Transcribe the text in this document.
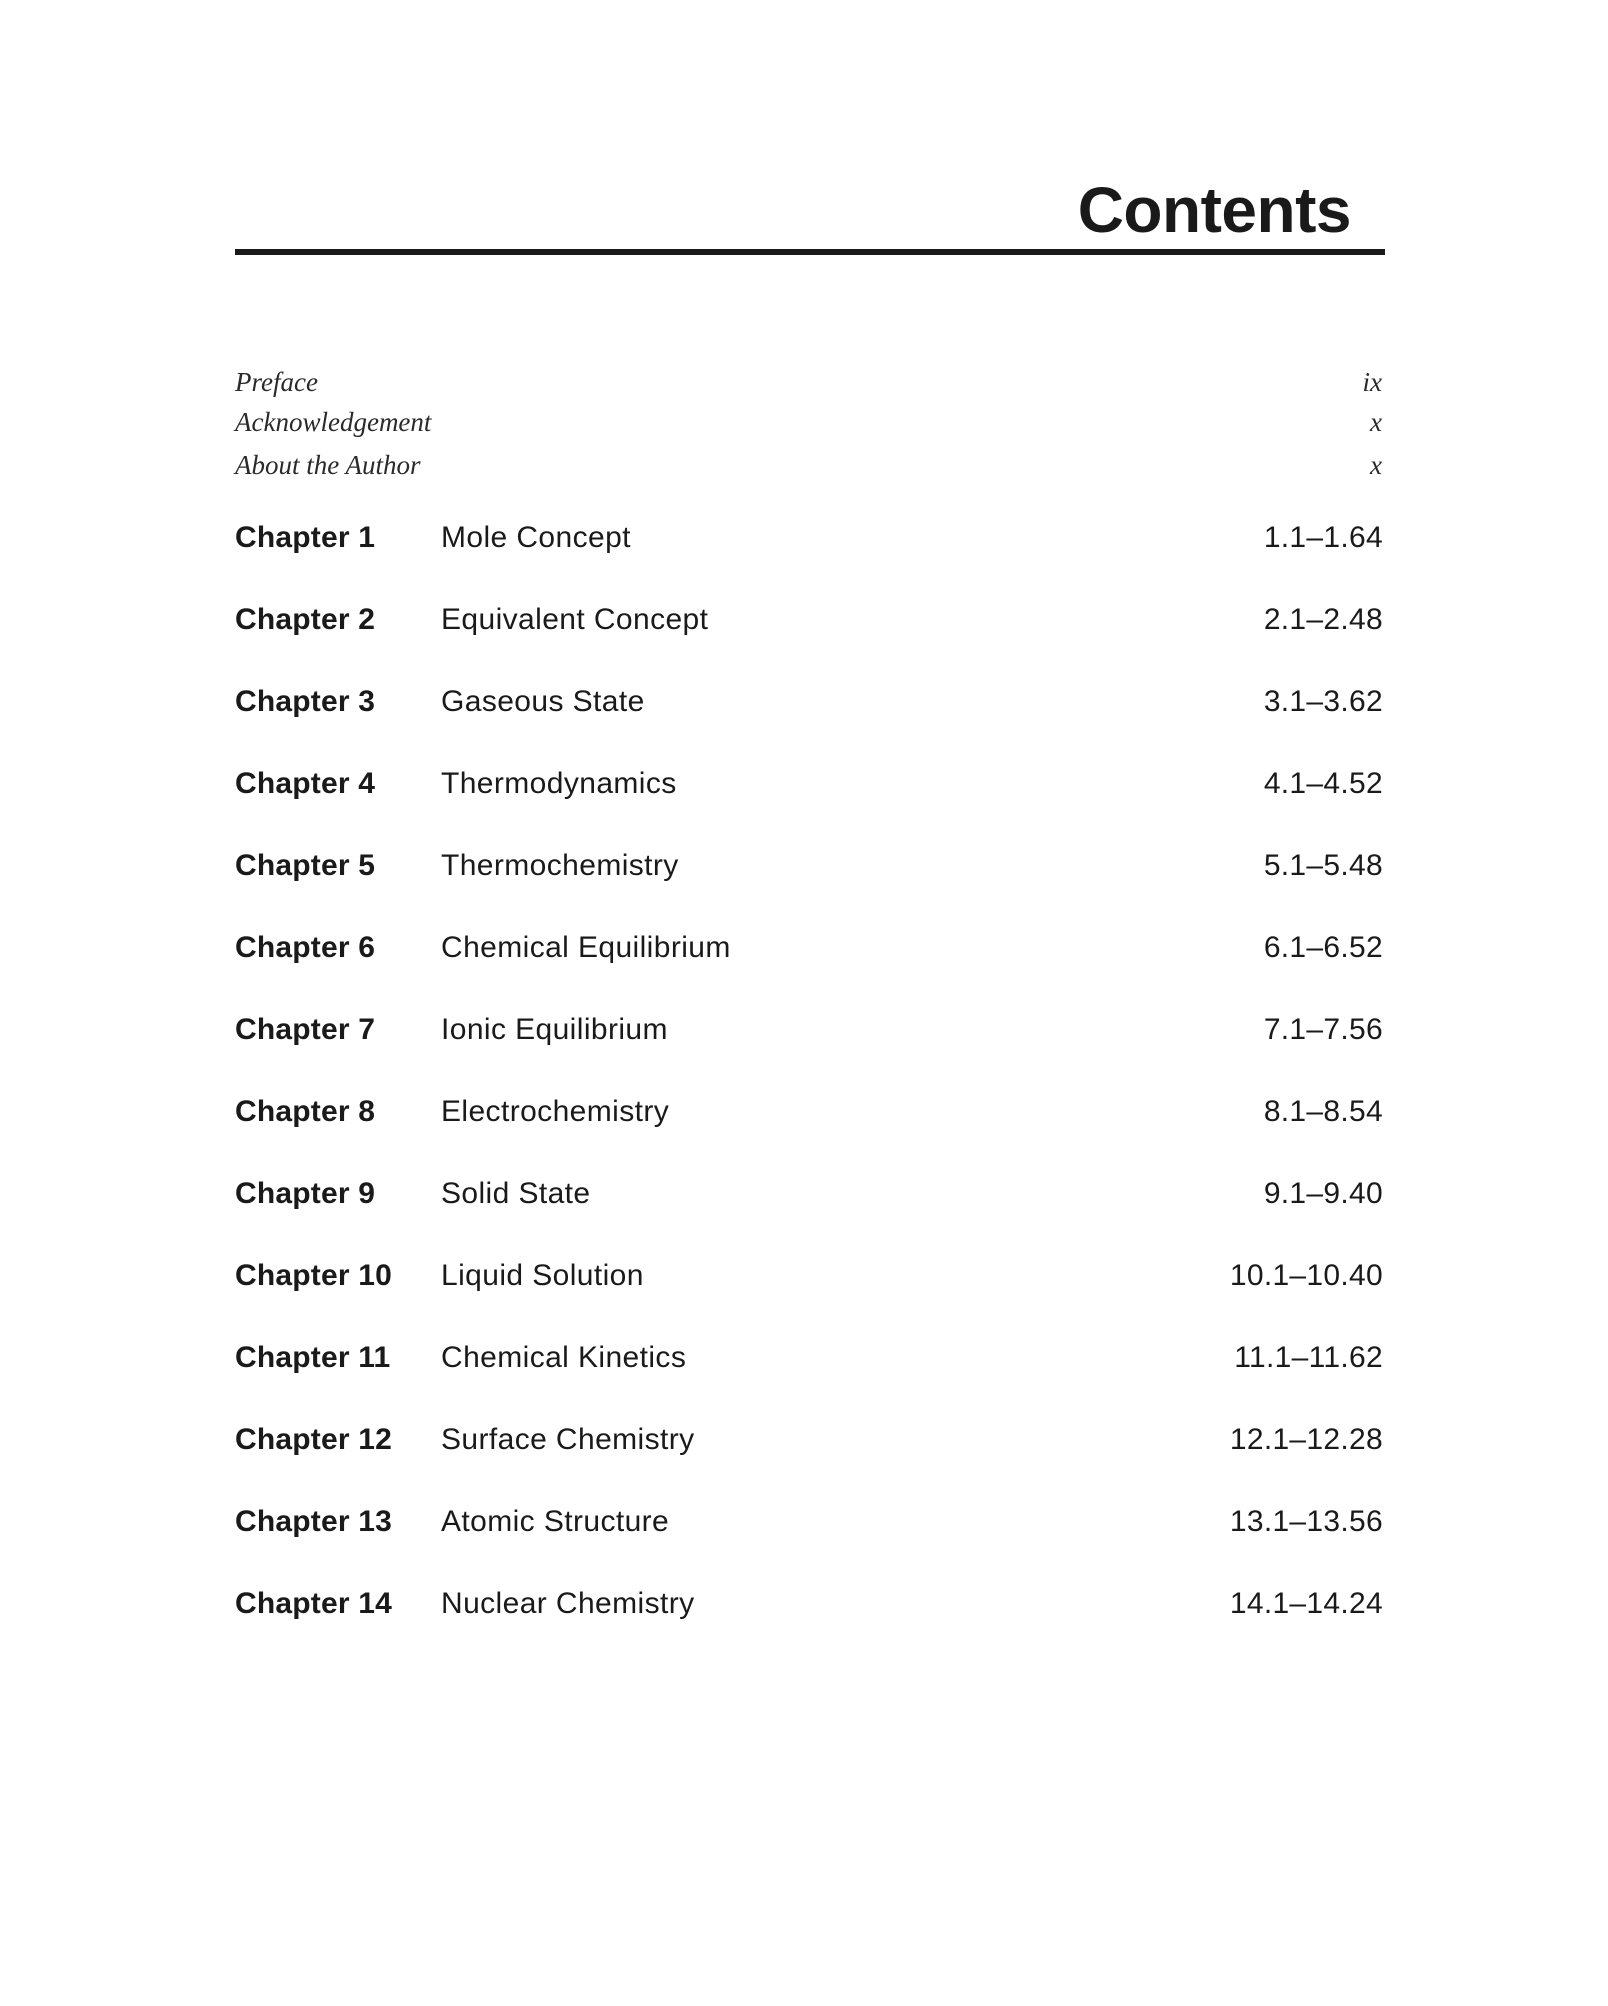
Contents
Preface	ix
Acknowledgement	x
About the Author	x
Chapter 1 Mole Concept	1.1–1.64
Chapter 2 Equivalent Concept	2.1–2.48
Chapter 3 Gaseous State	3.1–3.62
Chapter 4 Thermodynamics	4.1–4.52
Chapter 5 Thermochemistry	5.1–5.48
Chapter 6 Chemical Equilibrium	6.1–6.52
Chapter 7 Ionic Equilibrium	7.1–7.56
Chapter 8 Electrochemistry	8.1–8.54
Chapter 9 Solid State	9.1–9.40
Chapter 10 Liquid Solution	10.1–10.40
Chapter 11 Chemical Kinetics	11.1–11.62
Chapter 12 Surface Chemistry	12.1–12.28
Chapter 13 Atomic Structure	13.1–13.56
Chapter 14 Nuclear Chemistry	14.1–14.24
